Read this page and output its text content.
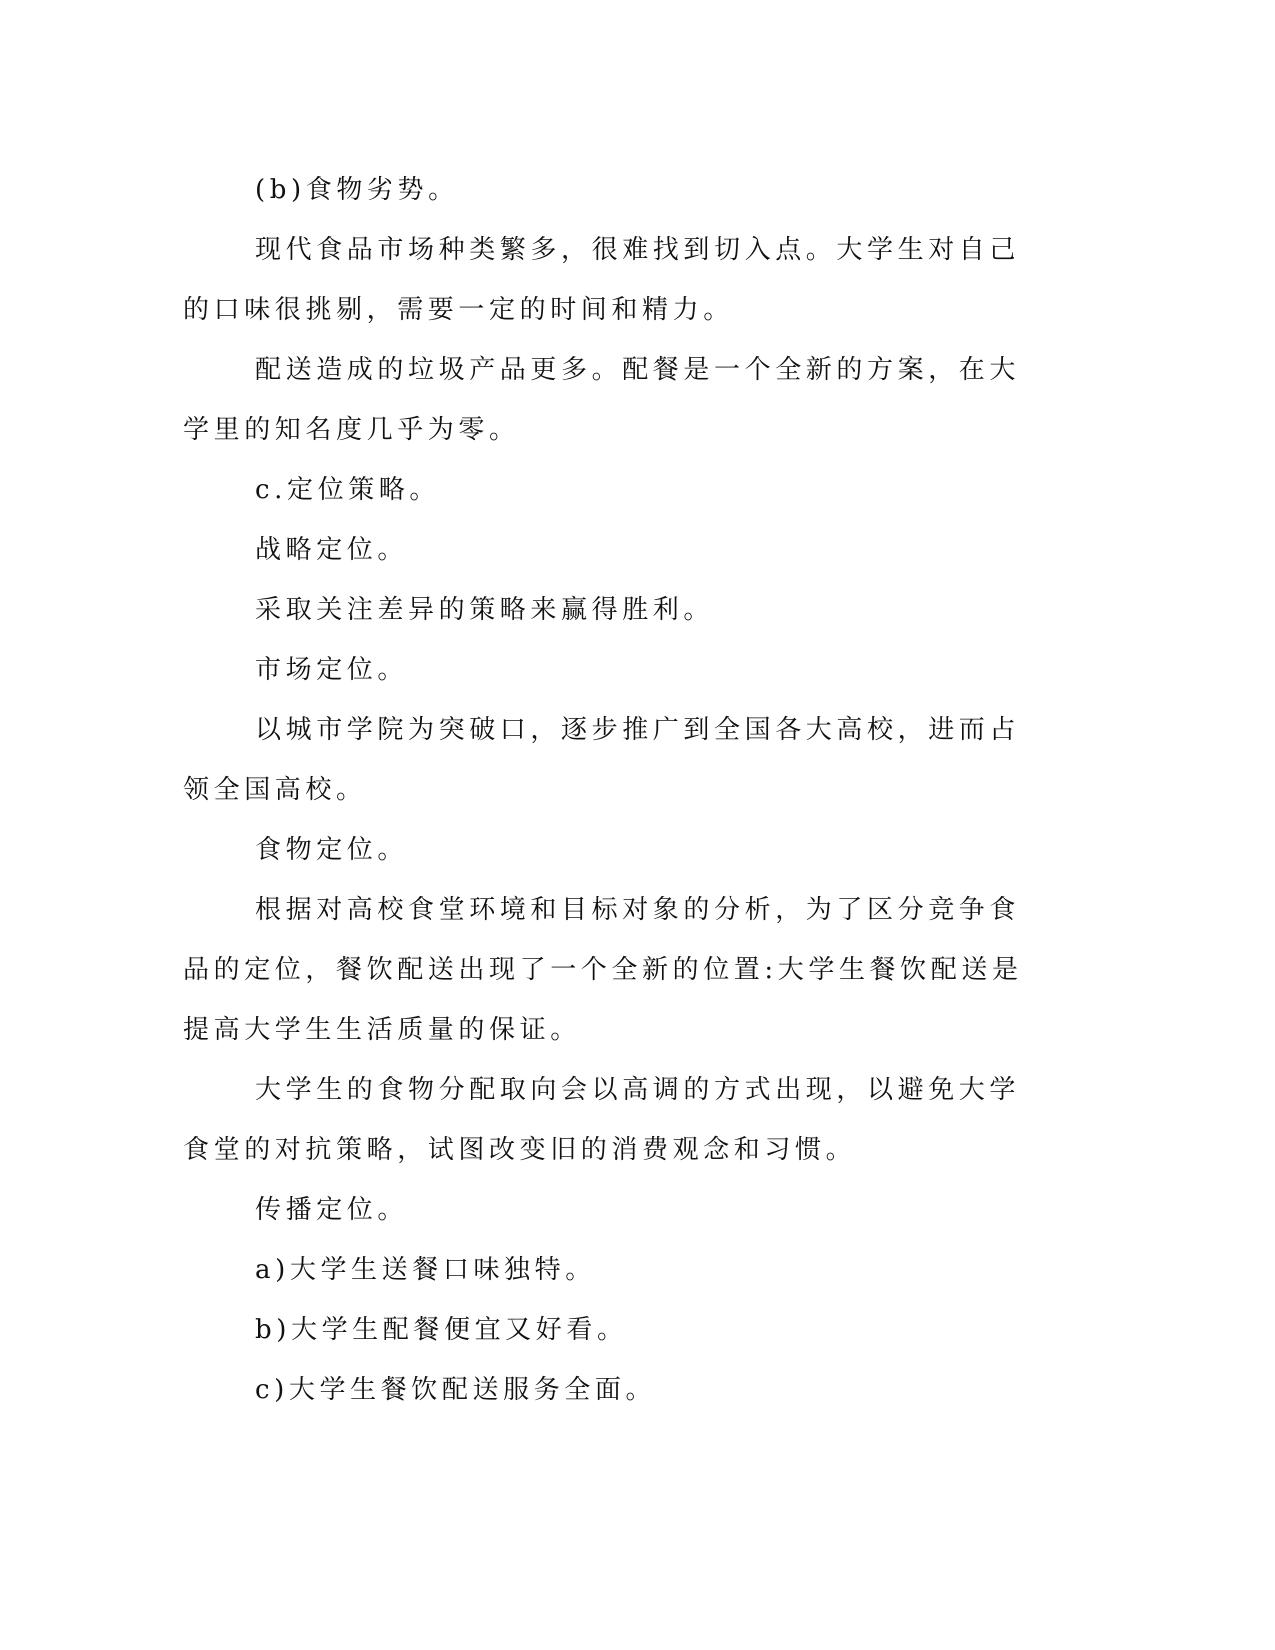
(b)食物劣势。

现代食品市场种类繁多，很难找到切入点。大学生对自己的口味很挑剔，需要一定的时间和精力。

配送造成的垃圾产品更多。配餐是一个全新的方案，在大学里的知名度几乎为零。

c.定位策略。

战略定位。

采取关注差异的策略来赢得胜利。

市场定位。

以城市学院为突破口，逐步推广到全国各大高校，进而占领全国高校。

食物定位。

根据对高校食堂环境和目标对象的分析，为了区分竞争食品的定位，餐饮配送出现了一个全新的位置:大学生餐饮配送是提高大学生生活质量的保证。

大学生的食物分配取向会以高调的方式出现，以避免大学食堂的对抗策略，试图改变旧的消费观念和习惯。

传播定位。

a)大学生送餐口味独特。

b)大学生配餐便宜又好看。

c)大学生餐饮配送服务全面。
